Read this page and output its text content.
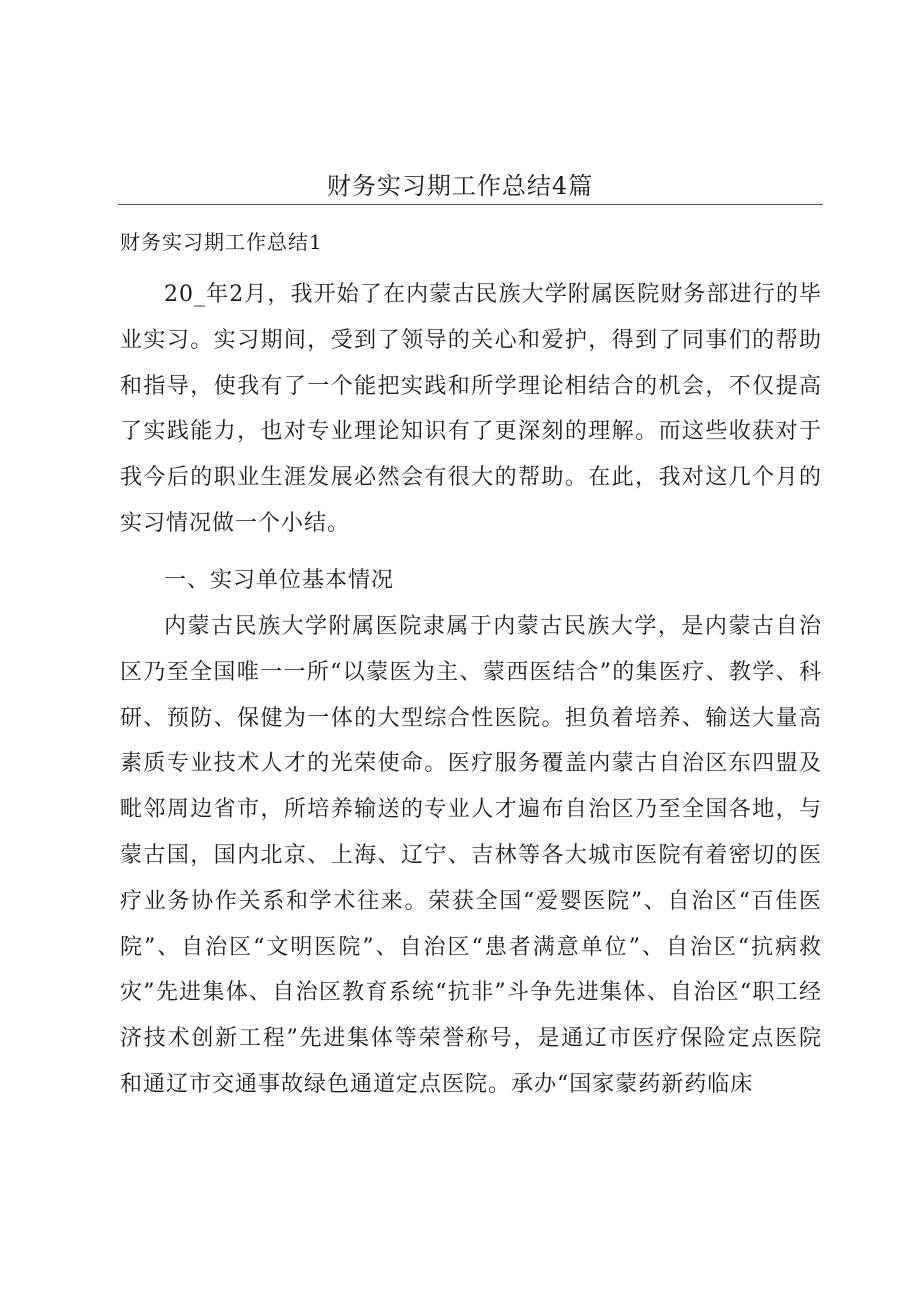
财务实习期工作总结4篇
财务实习期工作总结1

20_年2月，我开始了在内蒙古民族大学附属医院财务部进行的毕业实习。实习期间，受到了领导的关心和爱护，得到了同事们的帮助和指导，使我有了一个能把实践和所学理论相结合的机会，不仅提高了实践能力，也对专业理论知识有了更深刻的理解。而这些收获对于我今后的职业生涯发展必然会有很大的帮助。在此，我对这几个月的实习情况做一个小结。

一、实习单位基本情况

内蒙古民族大学附属医院隶属于内蒙古民族大学，是内蒙古自治区乃至全国唯一一所“以蒙医为主、蒙西医结合”的集医疗、教学、科研、预防、保健为一体的大型综合性医院。担负着培养、输送大量高素质专业技术人才的光荣使命。医疗服务覆盖内蒙古自治区东四盟及毗邻周边省市，所培养输送的专业人才遍布自治区乃至全国各地，与蒙古国，国内北京、上海、辽宁、吉林等各大城市医院有着密切的医疗业务协作关系和学术往来。荣获全国“爱婴医院”、自治区“百佳医院”、自治区“文明医院”、自治区“患者满意单位”、自治区“抗病救灾”先进集体、自治区教育系统“抗非”斗争先进集体、自治区“职工经济技术创新工程”先进集体等荣誉称号，是通辽市医疗保险定点医院和通辽市交通事故绿色通道定点医院。承办“国家蒙药新药临床
